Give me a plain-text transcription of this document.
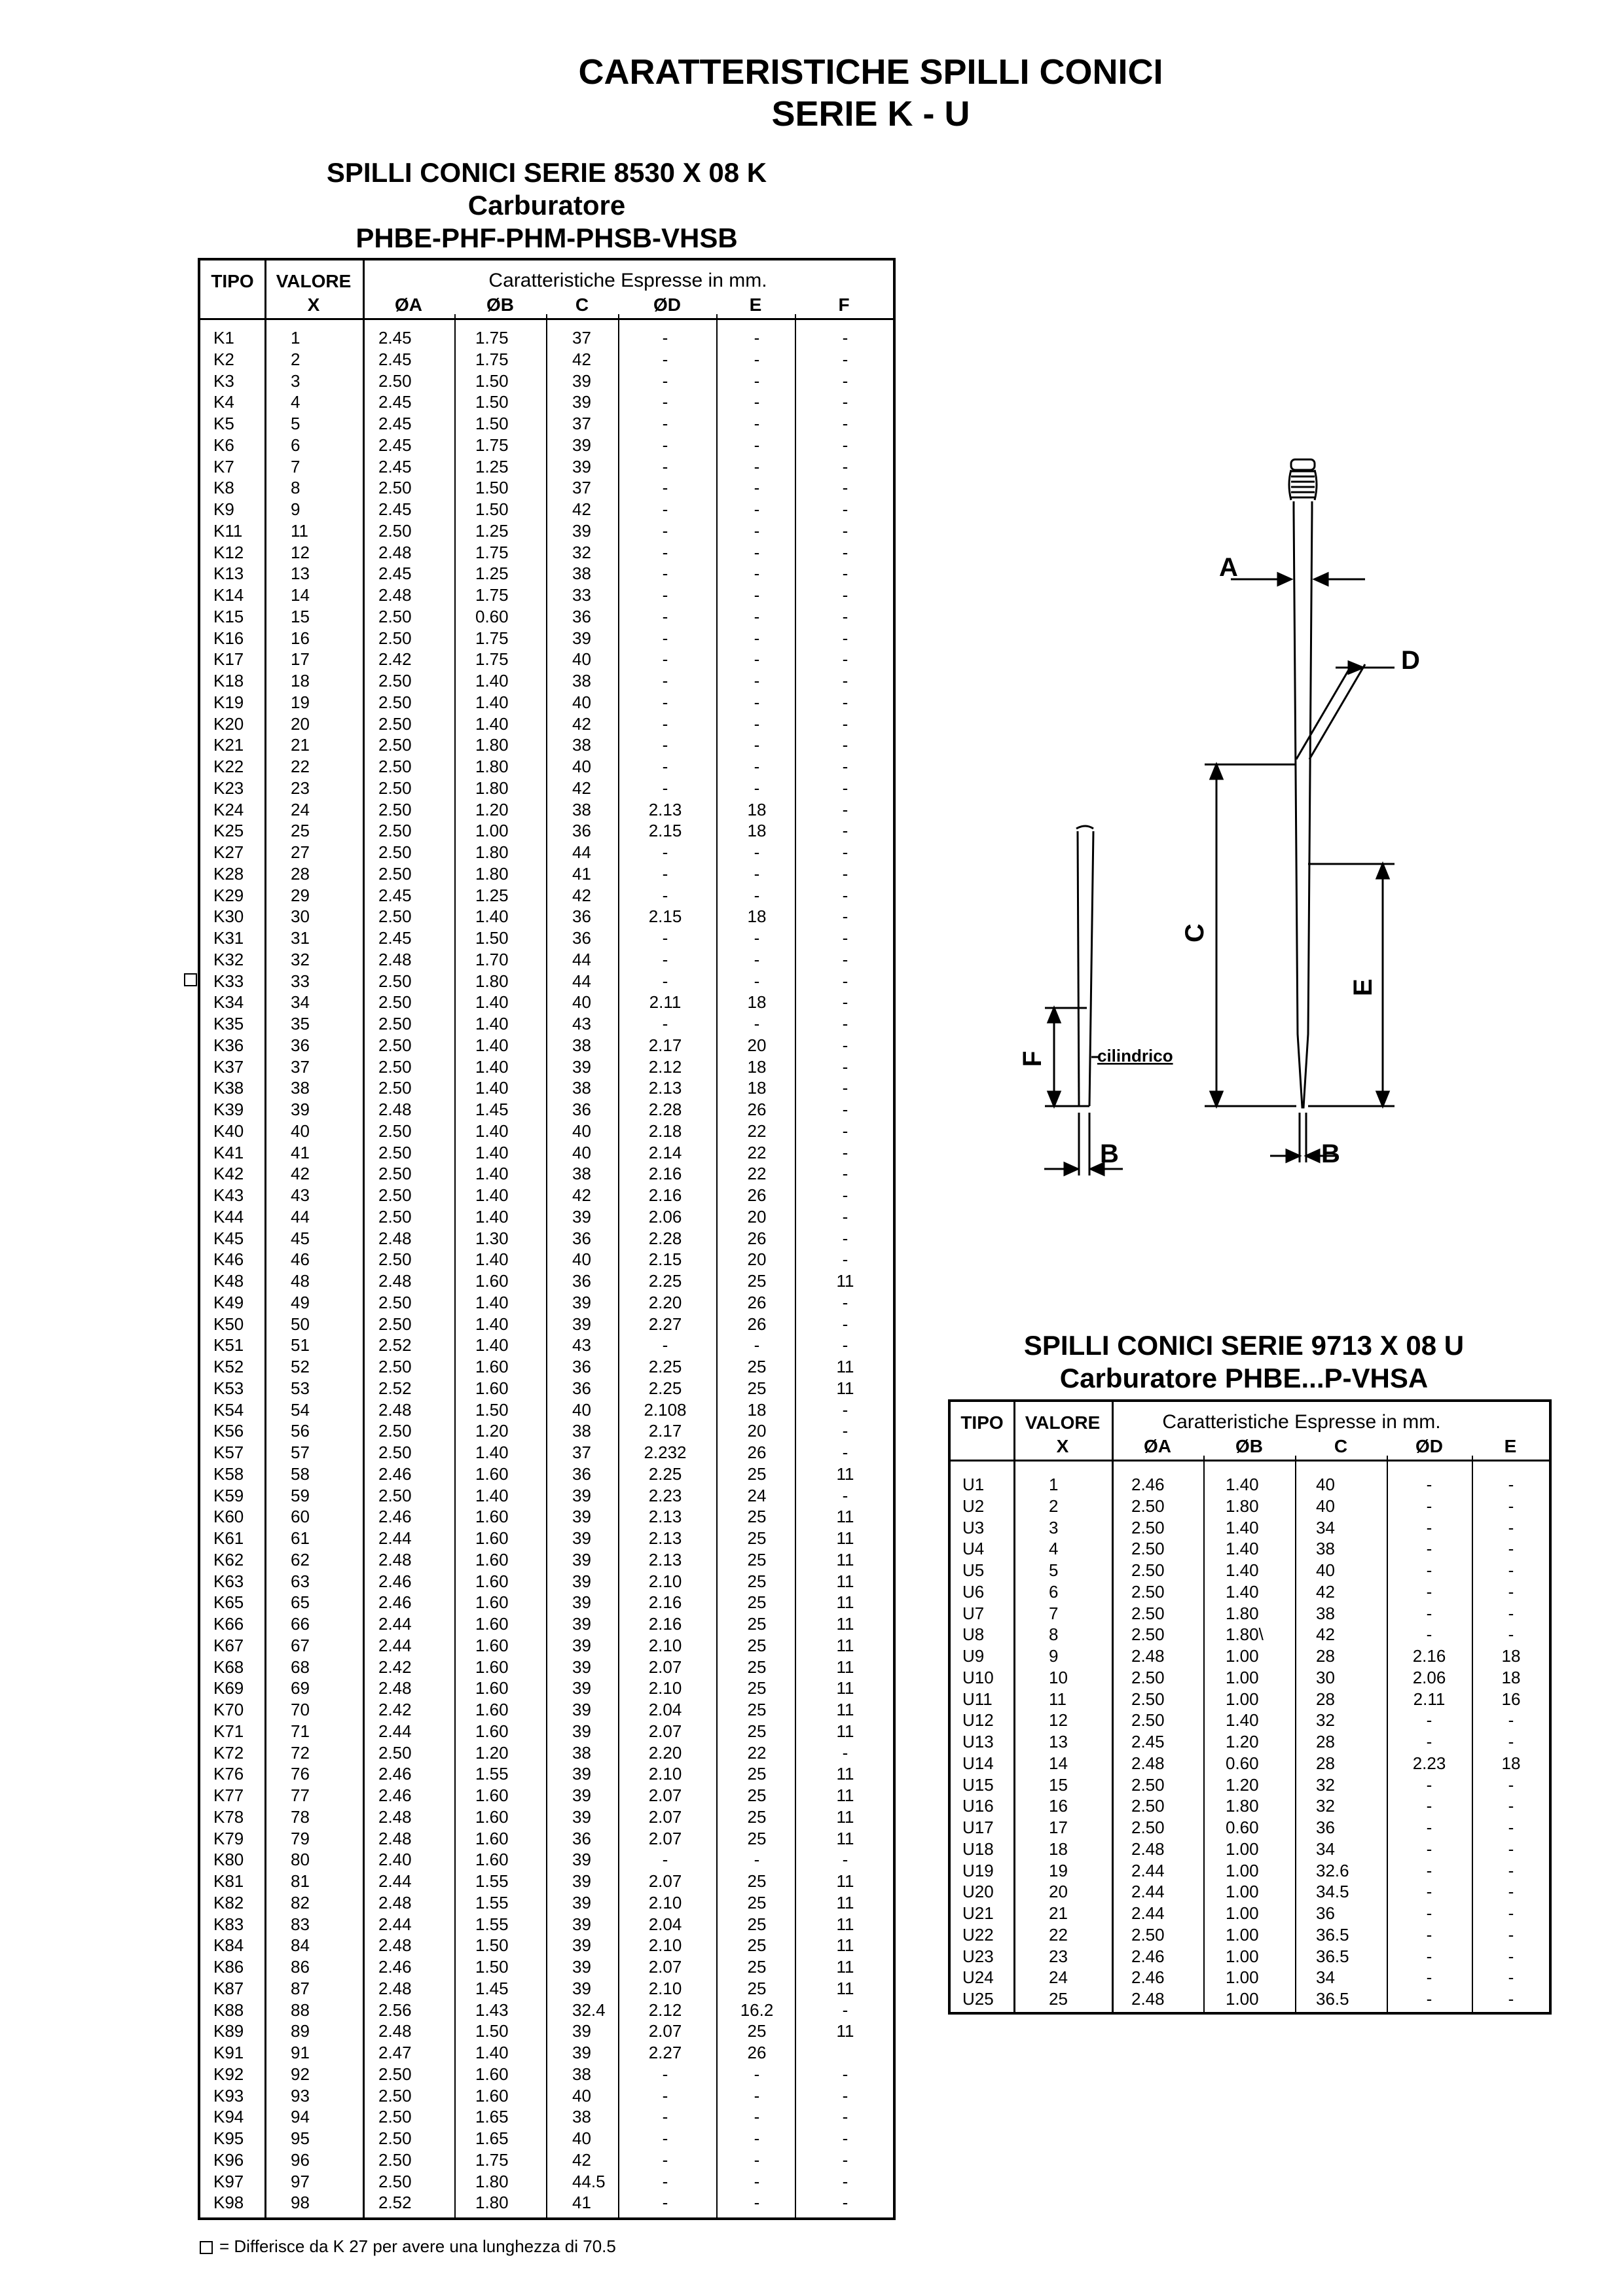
CARATTERISTICHE SPILLI CONICI
SERIE K - U
SPILLI CONICI SERIE 8530 X 08 K
Carburatore
PHBE-PHF-PHM-PHSB-VHSB
TIPO	VALORE
X
Caratteristiche Espresse in mm.
ØA	ØB	C	ØD	E	F
K1	1	2.45	1.75	37	-	-	-
K2	2	2.45	1.75	42	-	-	-
K3	3	2.50	1.50	39	-	-	-
K4	4	2.45	1.50	39	-	-	-
K5	5	2.45	1.50	37	-	-	-
K6	6	2.45	1.75	39	-	-	-
K7	7	2.45	1.25	39	-	-	-
K8	8	2.50	1.50	37	-	-	-
K9	9	2.45	1.50	42	-	-	-
K11	11	2.50	1.25	39	-	-	-
K12	12	2.48	1.75	32	-	-	-
K13	13	2.45	1.25	38	-	-	-
K14	14	2.48	1.75	33	-	-	-
K15	15	2.50	0.60	36	-	-	-
K16	16	2.50	1.75	39	-	-	-
K17	17	2.42	1.75	40	-	-	-
K18	18	2.50	1.40	38	-	-	-
K19	19	2.50	1.40	40	-	-	-
K20	20	2.50	1.40	42	-	-	-
K21	21	2.50	1.80	38	-	-	-
K22	22	2.50	1.80	40	-	-	-
K23	23	2.50	1.80	42	-	-	-
K24	24	2.50	1.20	38	2.13	18	-
K25	25	2.50	1.00	36	2.15	18	-
K27	27	2.50	1.80	44	-	-	-
K28	28	2.50	1.80	41	-	-	-
K29	29	2.45	1.25	42	-	-	-
K30	30	2.50	1.40	36	2.15	18	-
K31	31	2.45	1.50	36	-	-	-
K32	32	2.48	1.70	44	-	-	-
K33	33	2.50	1.80	44	-	-	-
K34	34	2.50	1.40	40	2.11	18	-
K35	35	2.50	1.40	43	-	-	-
K36	36	2.50	1.40	38	2.17	20	-
K37	37	2.50	1.40	39	2.12	18	-
K38	38	2.50	1.40	38	2.13	18	-
K39	39	2.48	1.45	36	2.28	26	-
K40	40	2.50	1.40	40	2.18	22	-
K41	41	2.50	1.40	40	2.14	22	-
K42	42	2.50	1.40	38	2.16	22	-
K43	43	2.50	1.40	42	2.16	26	-
K44	44	2.50	1.40	39	2.06	20	-
K45	45	2.48	1.30	36	2.28	26	-
K46	46	2.50	1.40	40	2.15	20	-
K48	48	2.48	1.60	36	2.25	25	11
K49	49	2.50	1.40	39	2.20	26	-
K50	50	2.50	1.40	39	2.27	26	-
K51	51	2.52	1.40	43	-	-	-
K52	52	2.50	1.60	36	2.25	25	11
K53	53	2.52	1.60	36	2.25	25	11
K54	54	2.48	1.50	40	2.108	18	-
K56	56	2.50	1.20	38	2.17	20	-
K57	57	2.50	1.40	37	2.232	26	-
K58	58	2.46	1.60	36	2.25	25	11
K59	59	2.50	1.40	39	2.23	24	-
K60	60	2.46	1.60	39	2.13	25	11
K61	61	2.44	1.60	39	2.13	25	11
K62	62	2.48	1.60	39	2.13	25	11
K63	63	2.46	1.60	39	2.10	25	11
K65	65	2.46	1.60	39	2.16	25	11
K66	66	2.44	1.60	39	2.16	25	11
K67	67	2.44	1.60	39	2.10	25	11
K68	68	2.42	1.60	39	2.07	25	11
K69	69	2.48	1.60	39	2.10	25	11
K70	70	2.42	1.60	39	2.04	25	11
K71	71	2.44	1.60	39	2.07	25	11
K72	72	2.50	1.20	38	2.20	22	-
K76	76	2.46	1.55	39	2.10	25	11
K77	77	2.46	1.60	39	2.07	25	11
K78	78	2.48	1.60	39	2.07	25	11
K79	79	2.48	1.60	36	2.07	25	11
K80	80	2.40	1.60	39	-	-	-
K81	81	2.44	1.55	39	2.07	25	11
K82	82	2.48	1.55	39	2.10	25	11
K83	83	2.44	1.55	39	2.04	25	11
K84	84	2.48	1.50	39	2.10	25	11
K86	86	2.46	1.50	39	2.07	25	11
K87	87	2.48	1.45	39	2.10	25	11
K88	88	2.56	1.43	32.4	2.12	16.2	-
K89	89	2.48	1.50	39	2.07	25	11
K91	91	2.47	1.40	39	2.27	26
K92	92	2.50	1.60	38	-	-	-
K93	93	2.50	1.60	40	-	-	-
K94	94	2.50	1.65	38	-	-	-
K95	95	2.50	1.65	40	-	-	-
K96	96	2.50	1.75	42	-	-	-
K97	97	2.50	1.80	44.5	-	-	-
K98	98	2.52	1.80	41	-	-	-
= Differisce da K 27 per avere una lunghezza di 70.5
A
D
C
E
F
B	B
cilindrico
SPILLI CONICI SERIE 9713 X 08 U
Carburatore PHBE...P-VHSA
TIPO	VALORE
X
Caratteristiche Espresse in mm.
ØA	ØB	C	ØD	E
U1	1	2.46	1.40	40	-	-
U2	2	2.50	1.80	40	-	-
U3	3	2.50	1.40	34	-	-
U4	4	2.50	1.40	38	-	-
U5	5	2.50	1.40	40	-	-
U6	6	2.50	1.40	42	-	-
U7	7	2.50	1.80	38	-	-
U8	8	2.50	1.80\	42	-	-
U9	9	2.48	1.00	28	2.16	18
U10	10	2.50	1.00	30	2.06	18
U11	11	2.50	1.00	28	2.11	16
U12	12	2.50	1.40	32	-	-
U13	13	2.45	1.20	28	-	-
U14	14	2.48	0.60	28	2.23	18
U15	15	2.50	1.20	32	-	-
U16	16	2.50	1.80	32	-	-
U17	17	2.50	0.60	36	-	-
U18	18	2.48	1.00	34	-	-
U19	19	2.44	1.00	32.6	-	-
U20	20	2.44	1.00	34.5	-	-
U21	21	2.44	1.00	36	-	-
U22	22	2.50	1.00	36.5	-	-
U23	23	2.46	1.00	36.5	-	-
U24	24	2.46	1.00	34	-	-
U25	25	2.48	1.00	36.5	-	-
